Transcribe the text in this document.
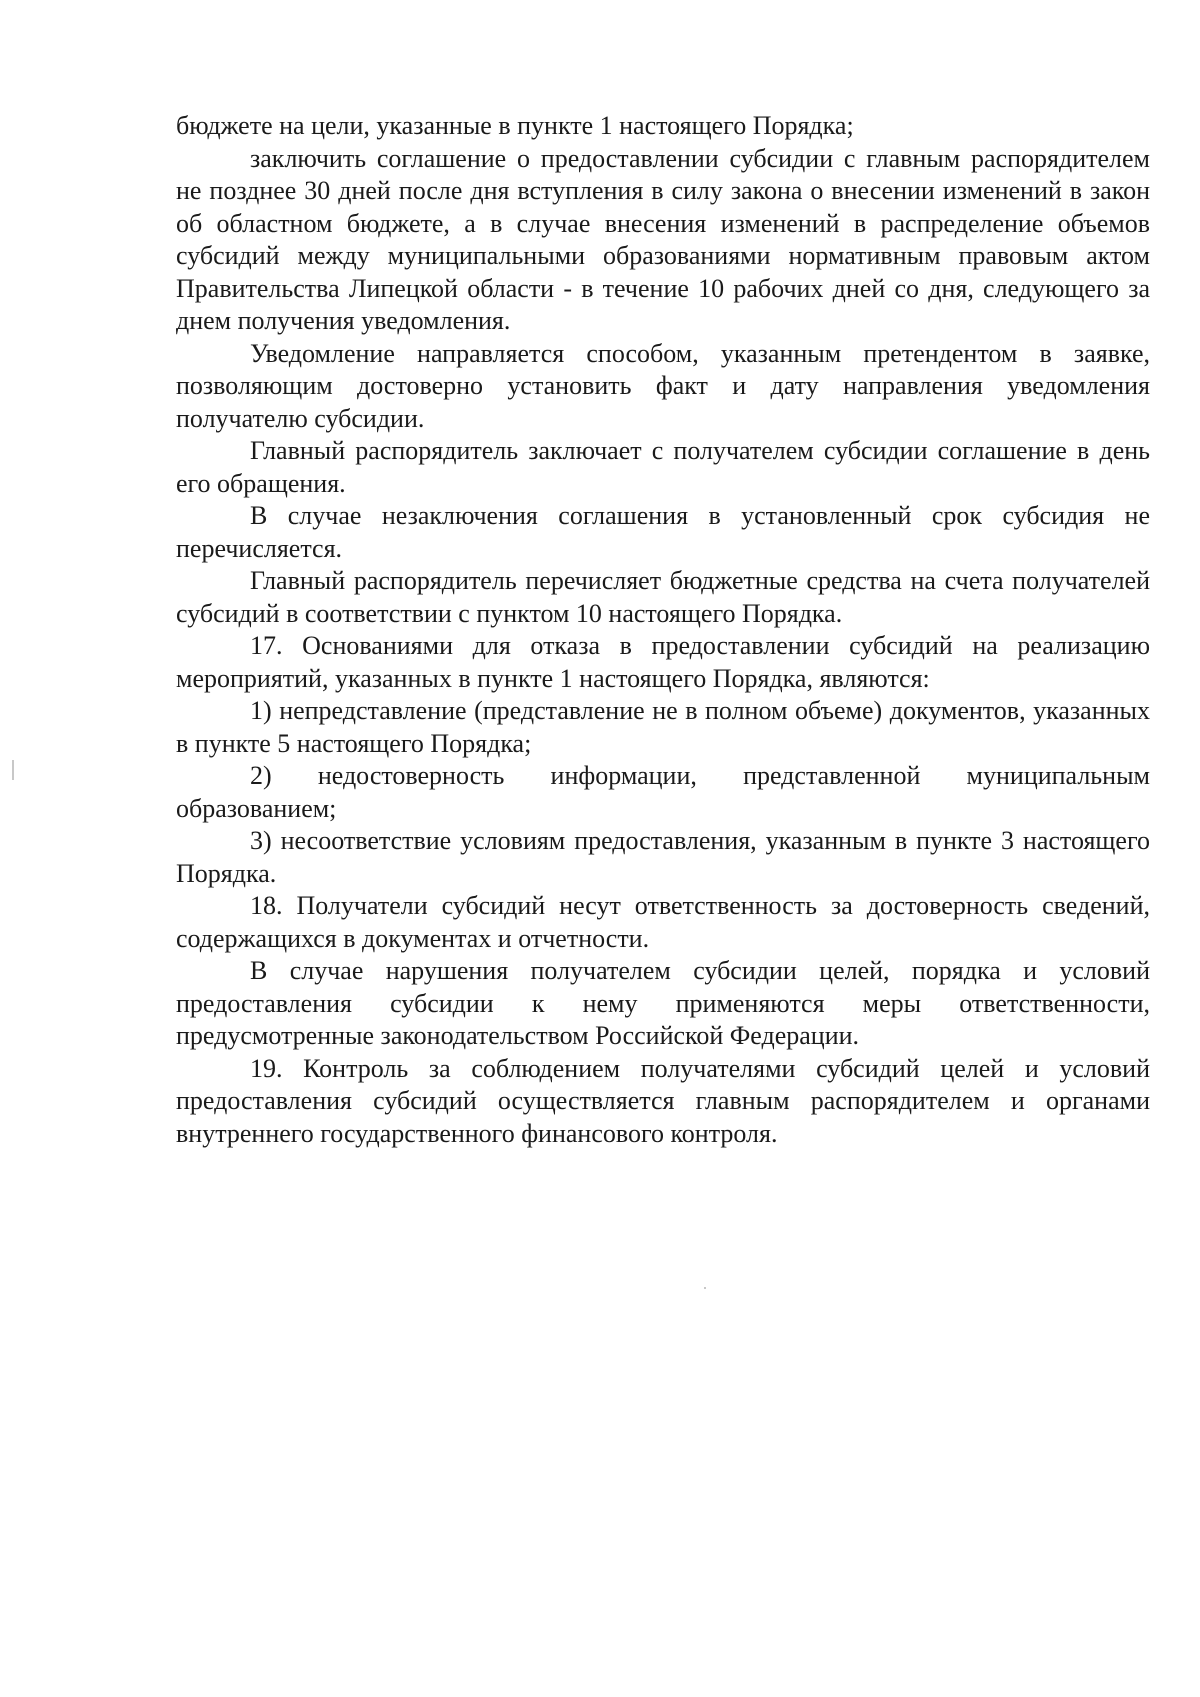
бюджете на цели, указанные в пункте 1 настоящего Порядка;

заключить соглашение о предоставлении субсидии с главным распорядителем не позднее 30 дней после дня вступления в силу закона о внесении изменений в закон об областном бюджете, а в случае внесения изменений в распределение объемов субсидий между муниципальными образованиями нормативным правовым актом Правительства Липецкой области - в течение 10 рабочих дней со дня, следующего за днем получения уведомления.

Уведомление направляется способом, указанным претендентом в заявке, позволяющим достоверно установить факт и дату направления уведомления получателю субсидии.

Главный распорядитель заключает с получателем субсидии соглашение в день его обращения.

В случае незаключения соглашения в установленный срок субсидия не перечисляется.

Главный распорядитель перечисляет бюджетные средства на счета получателей субсидий в соответствии с пунктом 10 настоящего Порядка.

17. Основаниями для отказа в предоставлении субсидий на реализацию мероприятий, указанных в пункте 1 настоящего Порядка, являются:

1) непредставление (представление не в полном объеме) документов, указанных в пункте 5 настоящего Порядка;

2) недостоверность информации, представленной муниципальным образованием;

3) несоответствие условиям предоставления, указанным в пункте 3 настоящего Порядка.

18. Получатели субсидий несут ответственность за достоверность сведений, содержащихся в документах и отчетности.

В случае нарушения получателем субсидии целей, порядка и условий предоставления субсидии к нему применяются меры ответственности, предусмотренные законодательством Российской Федерации.

19. Контроль за соблюдением получателями субсидий целей и условий предоставления субсидий осуществляется главным распорядителем и органами внутреннего государственного финансового контроля.
